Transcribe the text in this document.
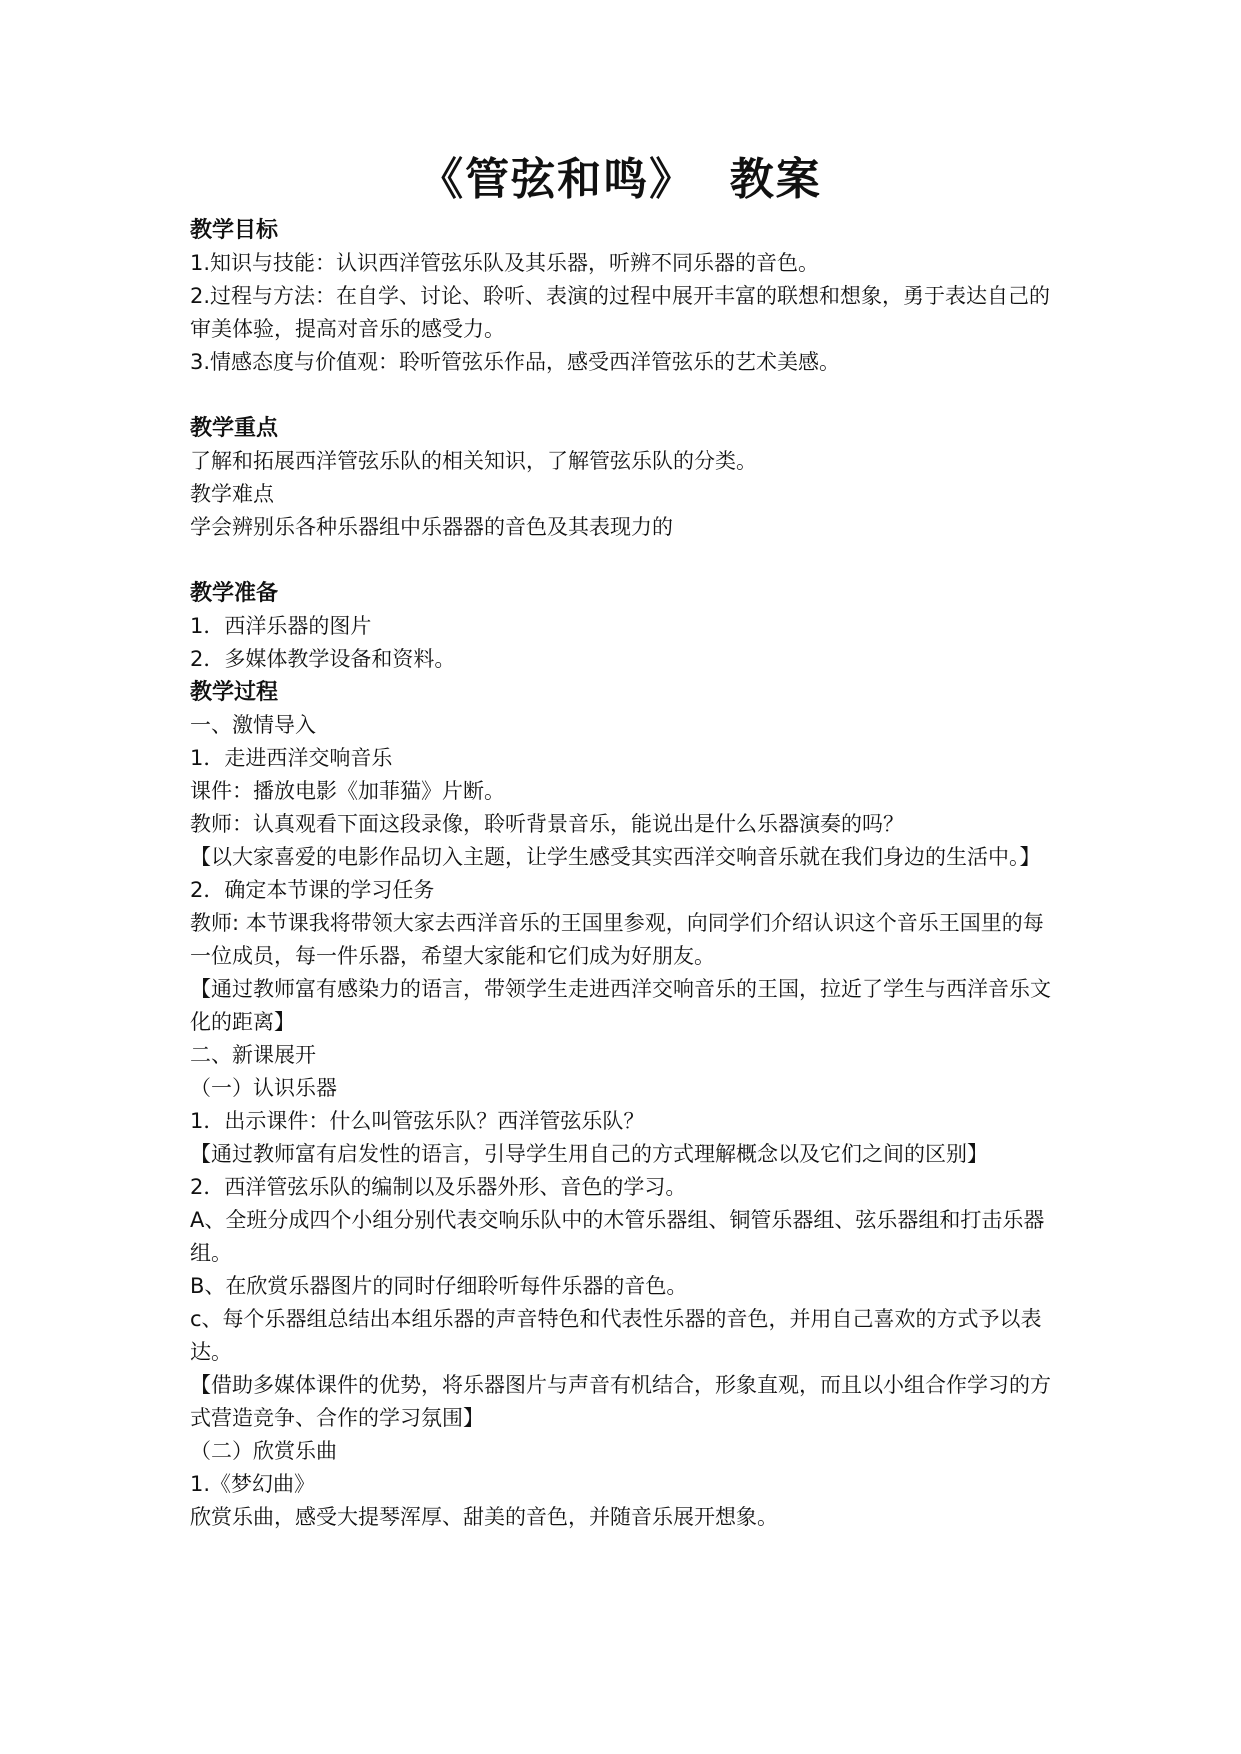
《管弦和鸣》  教案

教学目标

1.知识与技能：认识西洋管弦乐队及其乐器，听辨不同乐器的音色。

2.过程与方法：在自学、讨论、聆听、表演的过程中展开丰富的联想和想象，勇于表达自己的审美体验，提高对音乐的感受力。

3.情感态度与价值观：聆听管弦乐作品，感受西洋管弦乐的艺术美感。

教学重点

了解和拓展西洋管弦乐队的相关知识，了解管弦乐队的分类。

教学难点

学会辨别乐各种乐器组中乐器器的音色及其表现力的

教学准备

1．西洋乐器的图片

2．多媒体教学设备和资料。

教学过程

一、激情导入

1．走进西洋交响音乐

课件：播放电影《加菲猫》片断。

教师：认真观看下面这段录像，聆听背景音乐，能说出是什么乐器演奏的吗？

【以大家喜爱的电影作品切入主题，让学生感受其实西洋交响音乐就在我们身边的生活中。】

2．确定本节课的学习任务

教师: 本节课我将带领大家去西洋音乐的王国里参观，向同学们介绍认识这个音乐王国里的每一位成员，每一件乐器，希望大家能和它们成为好朋友。

【通过教师富有感染力的语言，带领学生走进西洋交响音乐的王国，拉近了学生与西洋音乐文化的距离】

二、新课展开

（一）认识乐器

1．出示课件：什么叫管弦乐队？西洋管弦乐队？

【通过教师富有启发性的语言，引导学生用自己的方式理解概念以及它们之间的区别】

2．西洋管弦乐队的编制以及乐器外形、音色的学习。

A、全班分成四个小组分别代表交响乐队中的木管乐器组、铜管乐器组、弦乐器组和打击乐器组。

B、在欣赏乐器图片的同时仔细聆听每件乐器的音色。

c、每个乐器组总结出本组乐器的声音特色和代表性乐器的音色，并用自己喜欢的方式予以表达。

【借助多媒体课件的优势，将乐器图片与声音有机结合，形象直观，而且以小组合作学习的方式营造竞争、合作的学习氛围】

（二）欣赏乐曲

1.《梦幻曲》

欣赏乐曲，感受大提琴浑厚、甜美的音色，并随音乐展开想象。
